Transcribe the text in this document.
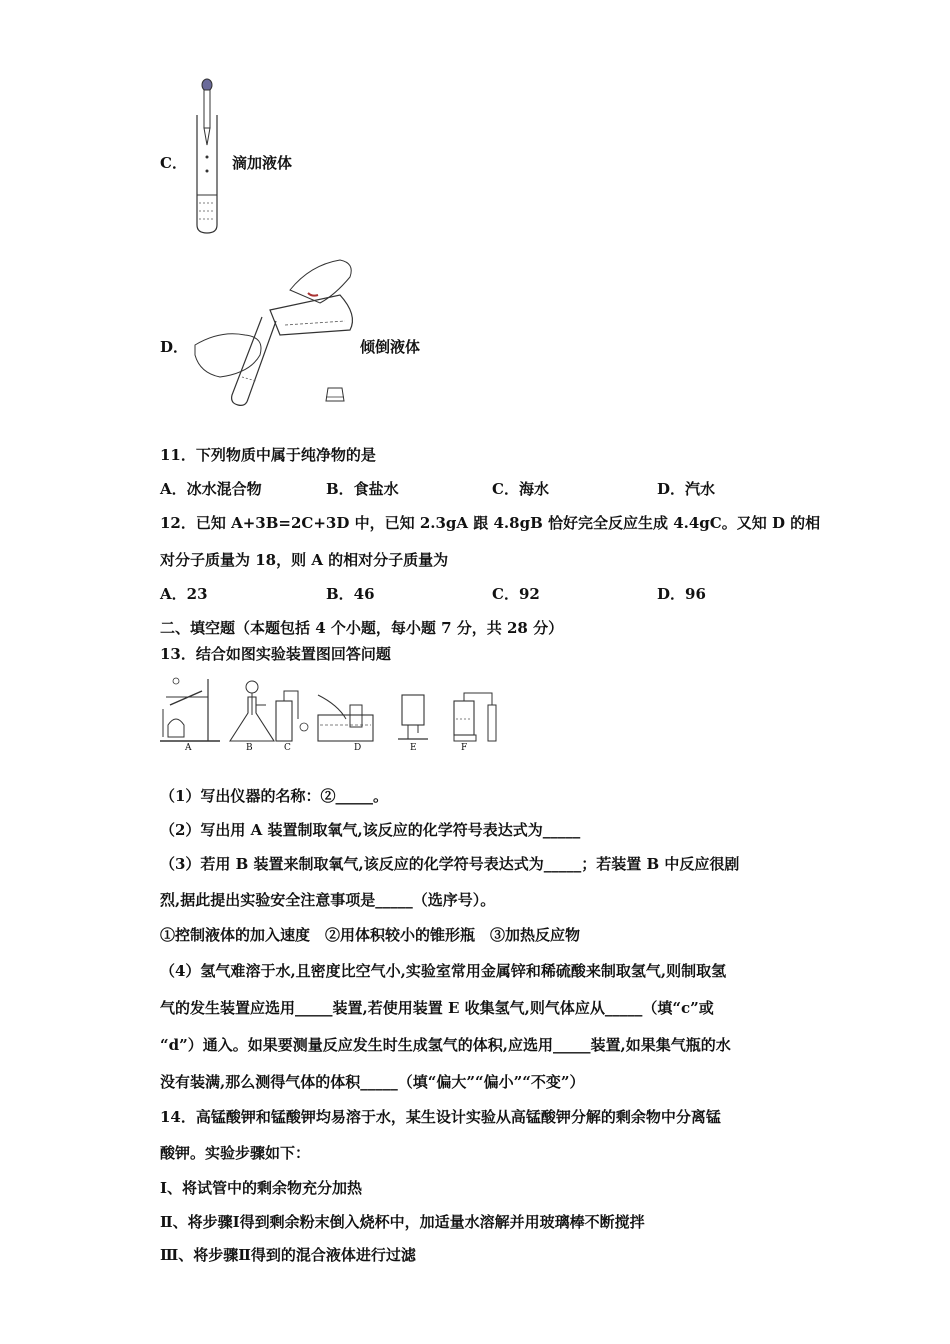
C．	滴加液体
D．	倾倒液体
11．下列物质中属于纯净物的是
A．冰水混合物	B．食盐水	C．海水	D．汽水
12．已知 A+3B=2C+3D 中，已知 2.3gA 跟 4.8gB 恰好完全反应生成 4.4gC。又知 D 的相
对分子质量为 18，则 A 的相对分子质量为
A．23	B．46	C．92	D．96
二、填空题（本题包括 4 个小题，每小题 7 分，共 28 分）
13．结合如图实验装置图回答问题
A	B	C	D	E	F
（1）写出仪器的名称：②_____。
（2）写出用 A 装置制取氧气,该反应的化学符号表达式为_____
（3）若用 B 装置来制取氧气,该反应的化学符号表达式为_____；若装置 B 中反应很剧
烈,据此提出实验安全注意事项是_____（选序号）。
①控制液体的加入速度　②用体积较小的锥形瓶　③加热反应物
（4）氢气难溶于水,且密度比空气小,实验室常用金属锌和稀硫酸来制取氢气,则制取氢
气的发生装置应选用_____装置,若使用装置 E 收集氢气,则气体应从_____（填“c”或
“d”）通入。如果要测量反应发生时生成氢气的体积,应选用_____装置,如果集气瓶的水
没有装满,那么测得气体的体积_____（填“偏大”“偏小”“不变”）
14．高锰酸钾和锰酸钾均易溶于水，某生设计实验从高锰酸钾分解的剩余物中分离锰
酸钾。实验步骤如下：
Ⅰ、将试管中的剩余物充分加热
Ⅱ、将步骤Ⅰ得到剩余粉末倒入烧杯中，加适量水溶解并用玻璃棒不断搅拌
Ⅲ、将步骤Ⅱ得到的混合液体进行过滤
